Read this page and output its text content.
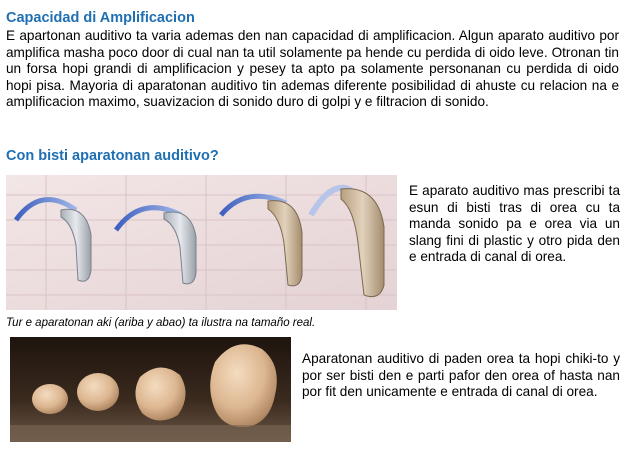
Capacidad di Amplificacion

E apartonan auditivo ta varia ademas den nan capacidad di amplificacion. Algun aparato auditivo por amplifica masha poco door di cual nan ta util solamente pa hende cu perdida di oido leve. Otronan tin un forsa hopi grandi di amplificacion y pesey ta apto pa solamente personanan cu perdida di oido hopi pisa. Mayoria di aparatonan auditivo tin ademas diferente posibilidad di ahuste cu relacion na e amplificacion maximo, suavizacion di sonido duro di golpi y e filtracion di sonido.

Con bisti aparatonan auditivo?

E aparato auditivo mas prescribi ta esun di bisti tras di orea cu ta manda sonido pa e orea via un slang fini di plastic y otro pida den e entrada di canal di orea.

Tur e aparatonan aki (ariba y abao) ta ilustra na tamaño real.

Aparatonan auditivo di paden orea ta hopi chiki-to y por ser bisti den e parti pafor den orea of hasta nan por fit den unicamente e entrada di canal di orea.
